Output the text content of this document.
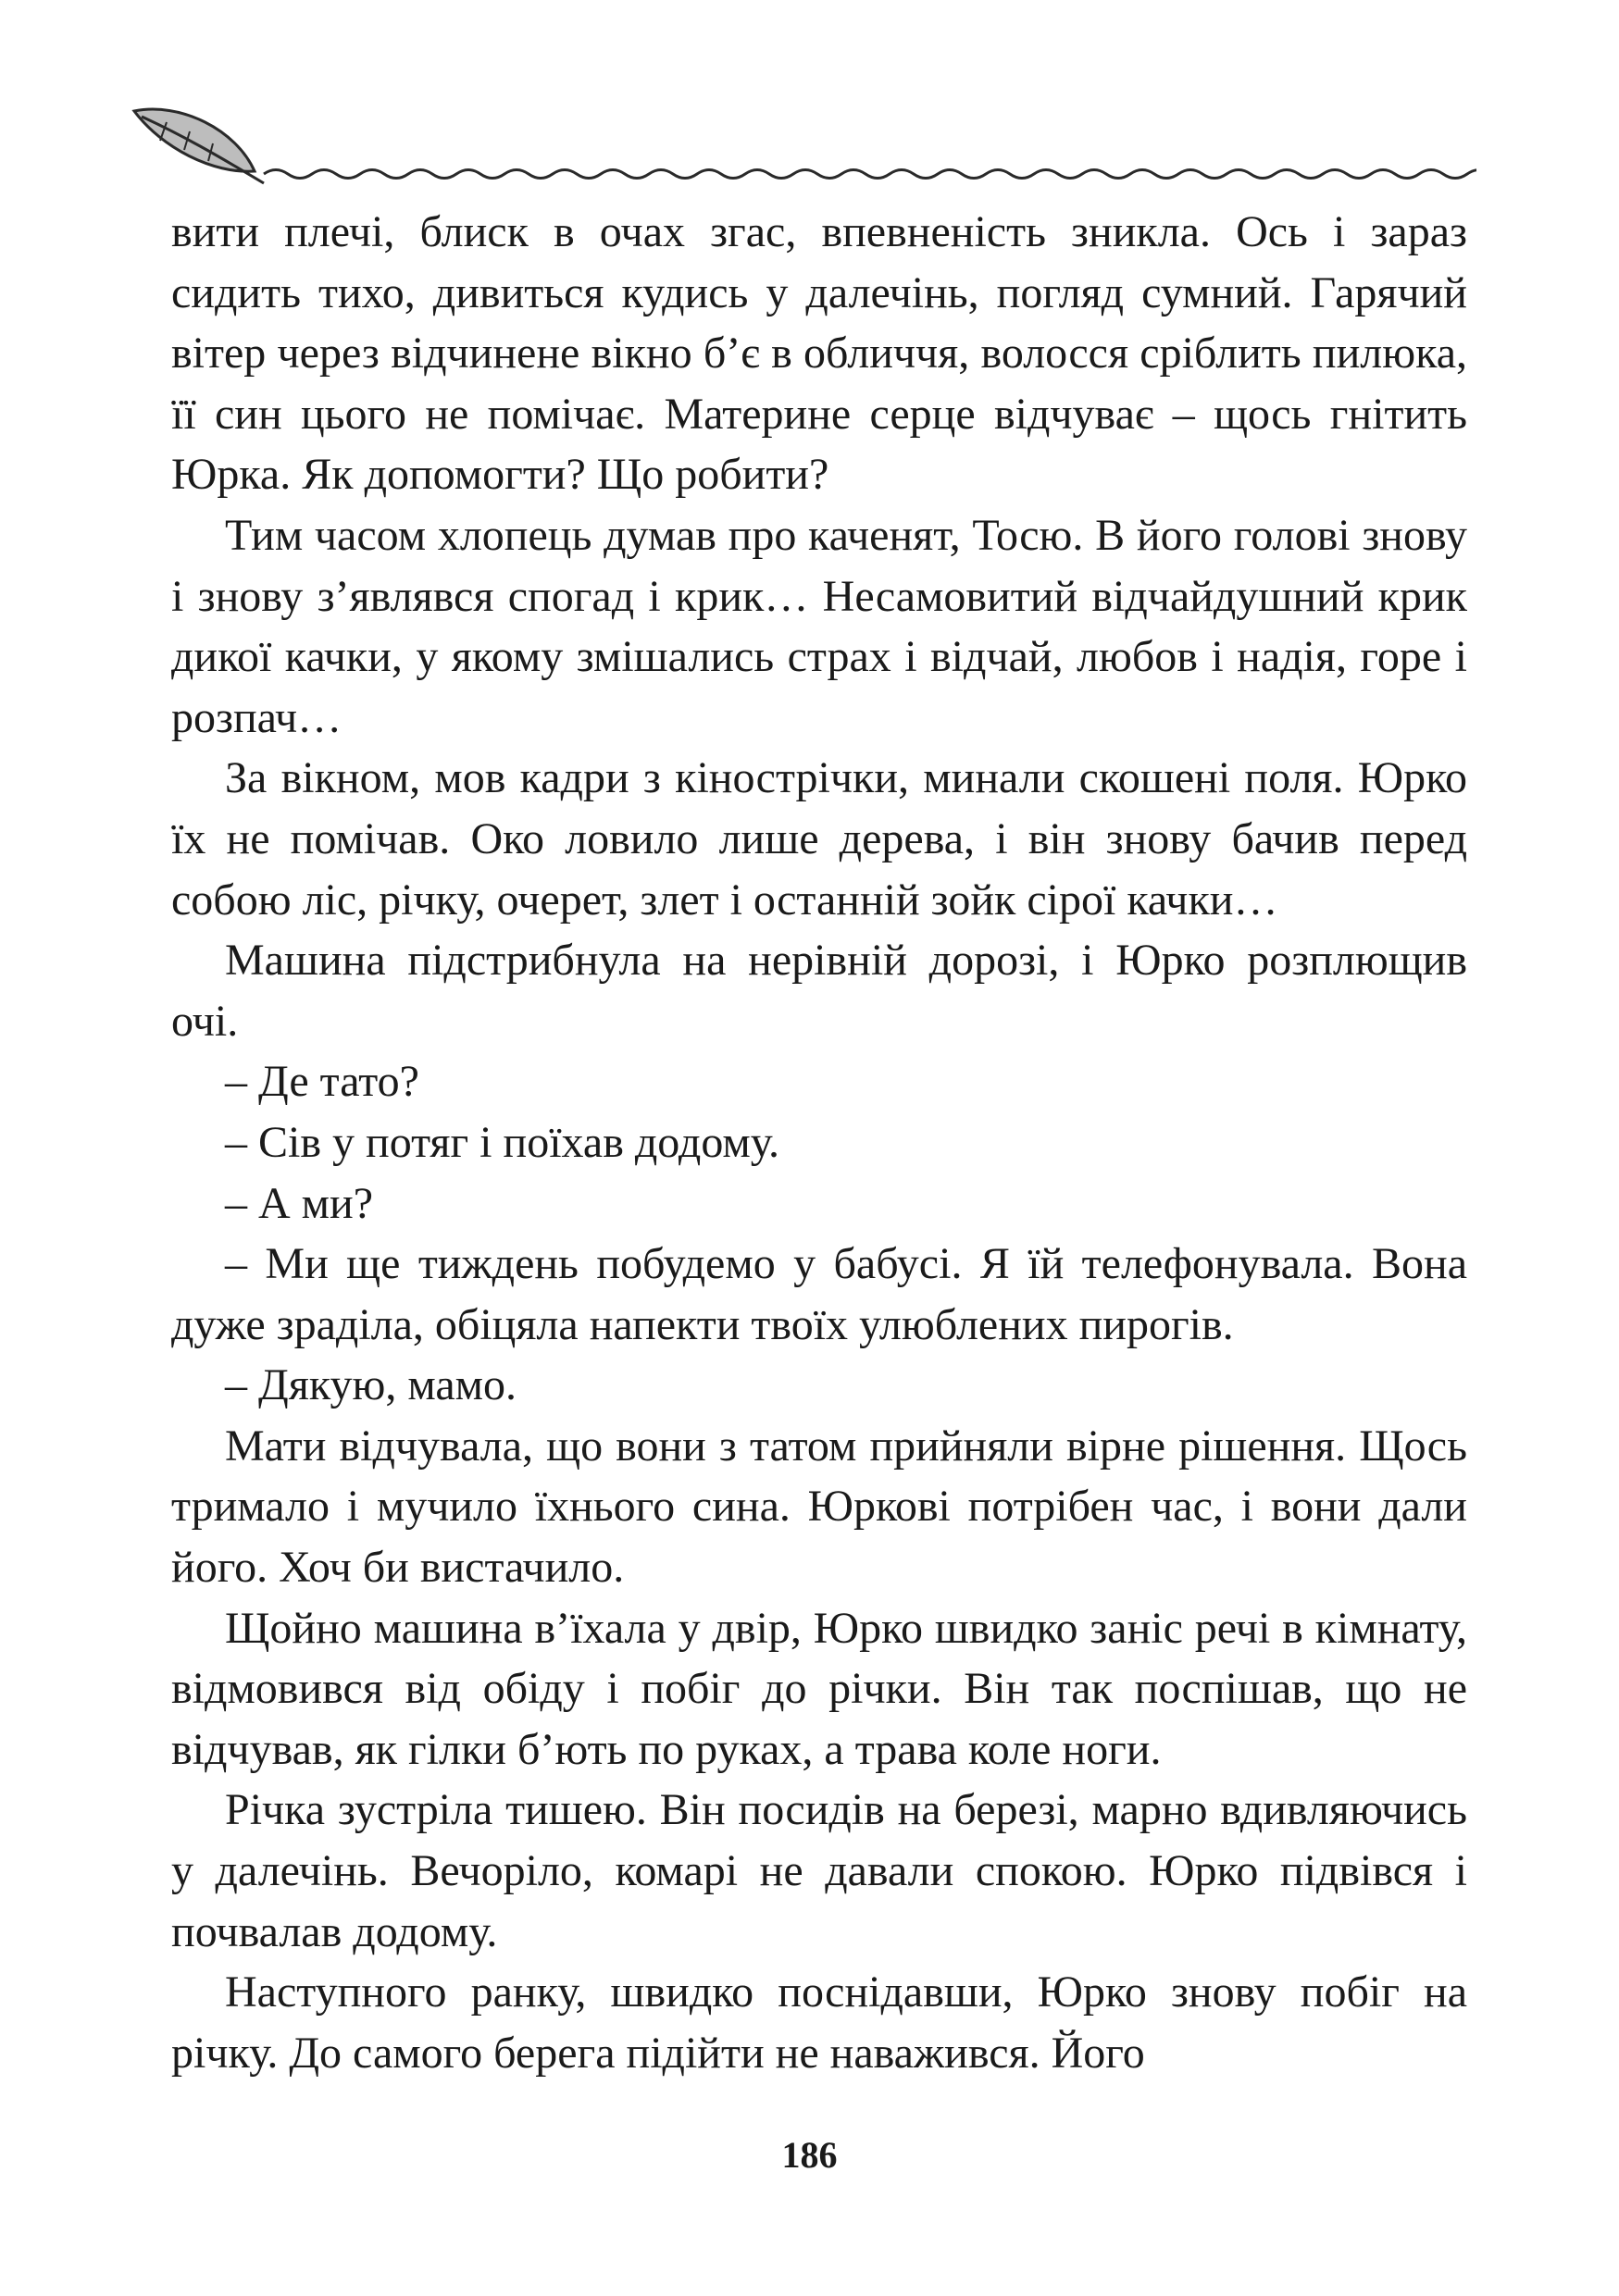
вити плечі, блиск в очах згас, впевненість зникла. Ось і зараз сидить тихо, дивиться кудись у далечінь, погляд сумний. Гарячий вітер через відчинене вікно б’є в обличчя, волосся сріблить пилюка, її син цього не помічає. Материне серце відчуває – щось гнітить Юрка. Як допомогти? Що робити?

Тим часом хлопець думав про каченят, Тосю. В його голові знову і знову з’являвся спогад і крик… Несамовитий відчайдушний крик дикої качки, у якому змішались страх і відчай, любов і надія, горе і розпач…

За вікном, мов кадри з кінострічки, минали скошені поля. Юрко їх не помічав. Око ловило лише дерева, і він знову бачив перед собою ліс, річку, очерет, злет і останній зойк сірої качки…

Машина підстрибнула на нерівній дорозі, і Юрко розплющив очі.

– Де тато?

– Сів у потяг і поїхав додому.

– А ми?

– Ми ще тиждень побудемо у бабусі. Я їй телефонувала. Вона дуже зраділа, обіцяла напекти твоїх улюблених пирогів.

– Дякую, мамо.

Мати відчувала, що вони з татом прийняли вірне рішення. Щось тримало і мучило їхнього сина. Юркові потрібен час, і вони дали його. Хоч би вистачило.

Щойно машина в’їхала у двір, Юрко швидко заніс речі в кімнату, відмовився від обіду і побіг до річки. Він так поспішав, що не відчував, як гілки б’ють по руках, а трава коле ноги.

Річка зустріла тишею. Він посидів на березі, марно вдивляючись у далечінь. Вечоріло, комарі не давали спокою. Юрко підвівся і почвалав додому.

Наступного ранку, швидко поснідавши, Юрко знову побіг на річку. До самого берега підійти не наважився. Його

186
